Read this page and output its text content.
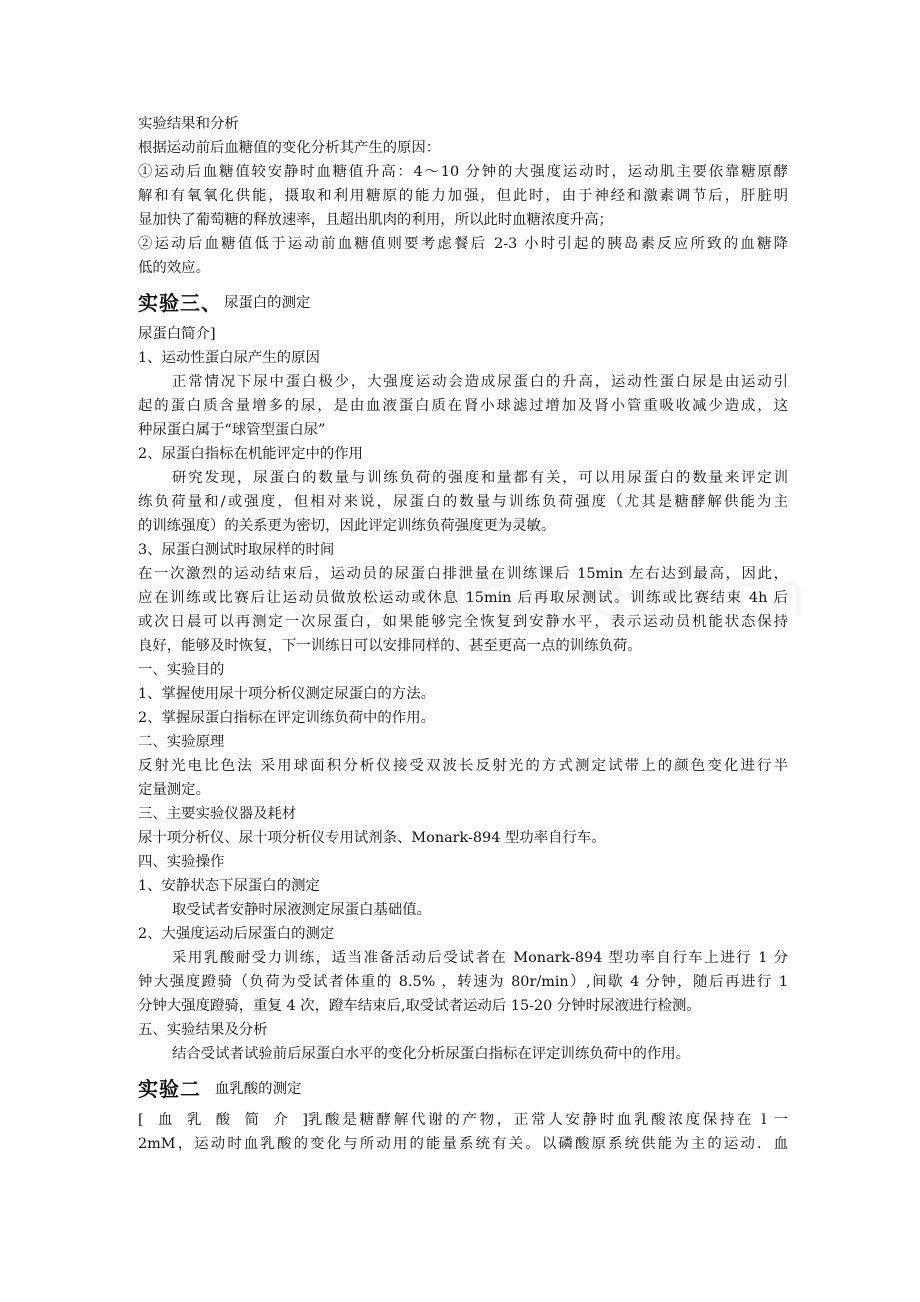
实验结果和分析
根据运动前后血糖值的变化分析其产生的原因：
①运动后血糖值较安静时血糖值升高：4～10 分钟的大强度运动时，运动肌主要依靠糖原酵
解和有氧氧化供能，摄取和利用糖原的能力加强，但此时，由于神经和激素调节后，肝脏明
显加快了葡萄糖的释放速率，且超出肌肉的利用，所以此时血糖浓度升高；
②运动后血糖值低于运动前血糖值则要考虑餐后 2-3 小时引起的胰岛素反应所致的血糖降
低的效应。
实验三、 尿蛋白的测定
尿蛋白简介]
1、运动性蛋白尿产生的原因
正常情况下尿中蛋白极少，大强度运动会造成尿蛋白的升高，运动性蛋白尿是由运动引
起的蛋白质含量增多的尿，是由血液蛋白质在肾小球滤过增加及肾小管重吸收减少造成，这
种尿蛋白属于“球管型蛋白尿”
2、尿蛋白指标在机能评定中的作用
研究发现，尿蛋白的数量与训练负荷的强度和量都有关，可以用尿蛋白的数量来评定训
练负荷量和/或强度，但相对来说，尿蛋白的数量与训练负荷强度（尤其是糖酵解供能为主
的训练强度）的关系更为密切，因此评定训练负荷强度更为灵敏。
3、尿蛋白测试时取尿样的时间
在一次激烈的运动结束后，运动员的尿蛋白排泄量在训练课后 15min 左右达到最高，因此，
应在训练或比赛后让运动员做放松运动或休息 15min 后再取尿测试。训练或比赛结束 4h 后
或次日晨可以再测定一次尿蛋白，如果能够完全恢复到安静水平，表示运动员机能状态保持
良好，能够及时恢复，下一训练日可以安排同样的、甚至更高一点的训练负荷。
一、实验目的
1、掌握使用尿十项分析仪测定尿蛋白的方法。
2、掌握尿蛋白指标在评定训练负荷中的作用。
二、实验原理
反射光电比色法 采用球面积分析仪接受双波长反射光的方式测定试带上的颜色变化进行半
定量测定。
三、主要实验仪器及耗材
尿十项分析仪、尿十项分析仪专用试剂条、Monark-894 型功率自行车。
四、实验操作
1、安静状态下尿蛋白的测定
取受试者安静时尿液测定尿蛋白基础值。
2、大强度运动后尿蛋白的测定
采用乳酸耐受力训练，适当准备活动后受试者在 Monark-894 型功率自行车上进行 1 分
钟大强度蹬骑（负荷为受试者体重的 8.5% ，转速为 80r/min）,间歇 4 分钟，随后再进行 1
分钟大强度蹬骑，重复 4 次，蹬车结束后,取受试者运动后 15-20 分钟时尿液进行检测。
五、实验结果及分析
结合受试者试验前后尿蛋白水平的变化分析尿蛋白指标在评定训练负荷中的作用。
实验二 血乳酸的测定
[血乳酸简介] 乳酸是糖酵解代谢的产物，正常人安静时血乳酸浓度保持在 l 一
2mM，运动时血乳酸的变化与所动用的能量系统有关。以磷酸原系统供能为主的运动．血
